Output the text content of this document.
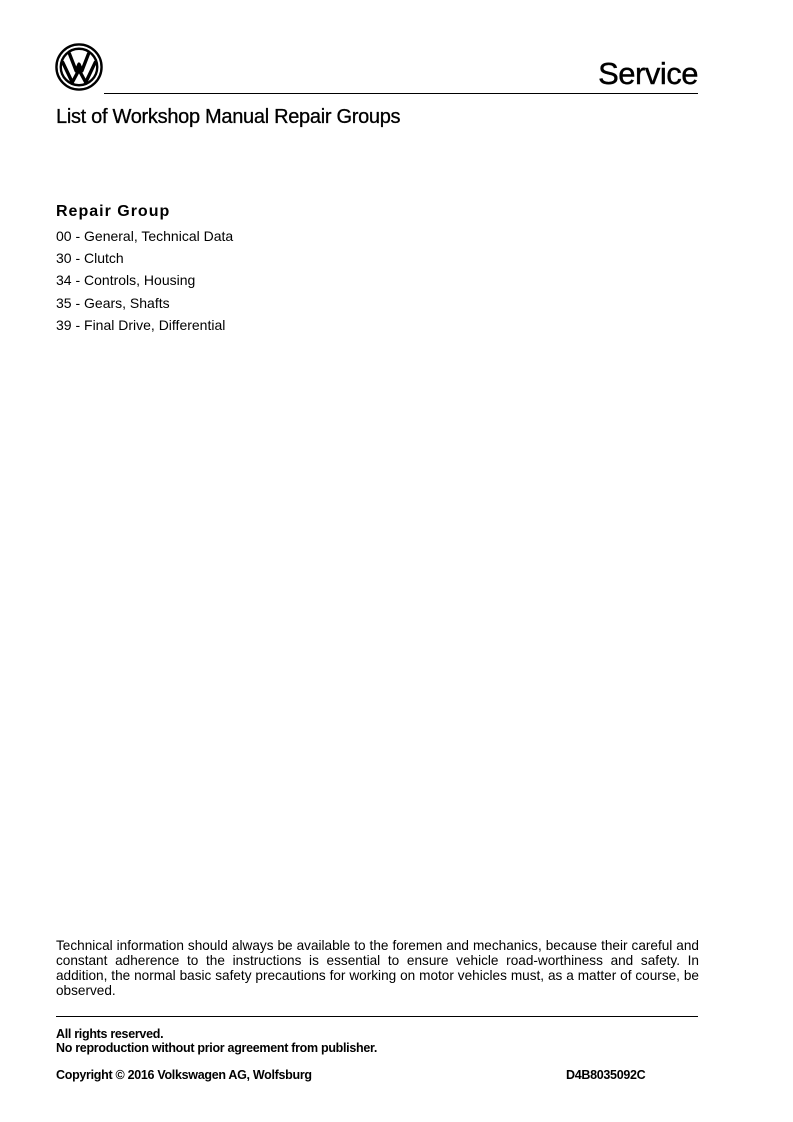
Service
List of Workshop Manual Repair Groups
Repair Group
00 - General, Technical Data
30 - Clutch
34 - Controls, Housing
35 - Gears, Shafts
39 - Final Drive, Differential

Technical information should always be available to the foremen and mechanics, because their careful and constant adherence to the instructions is essential to ensure vehicle road-worthiness and safety. In addition, the normal basic safety precautions for working on motor vehicles must, as a matter of course, be observed.

All rights reserved.
No reproduction without prior agreement from publisher.

Copyright © 2016 Volkswagen AG, Wolfsburg	D4B8035092C
